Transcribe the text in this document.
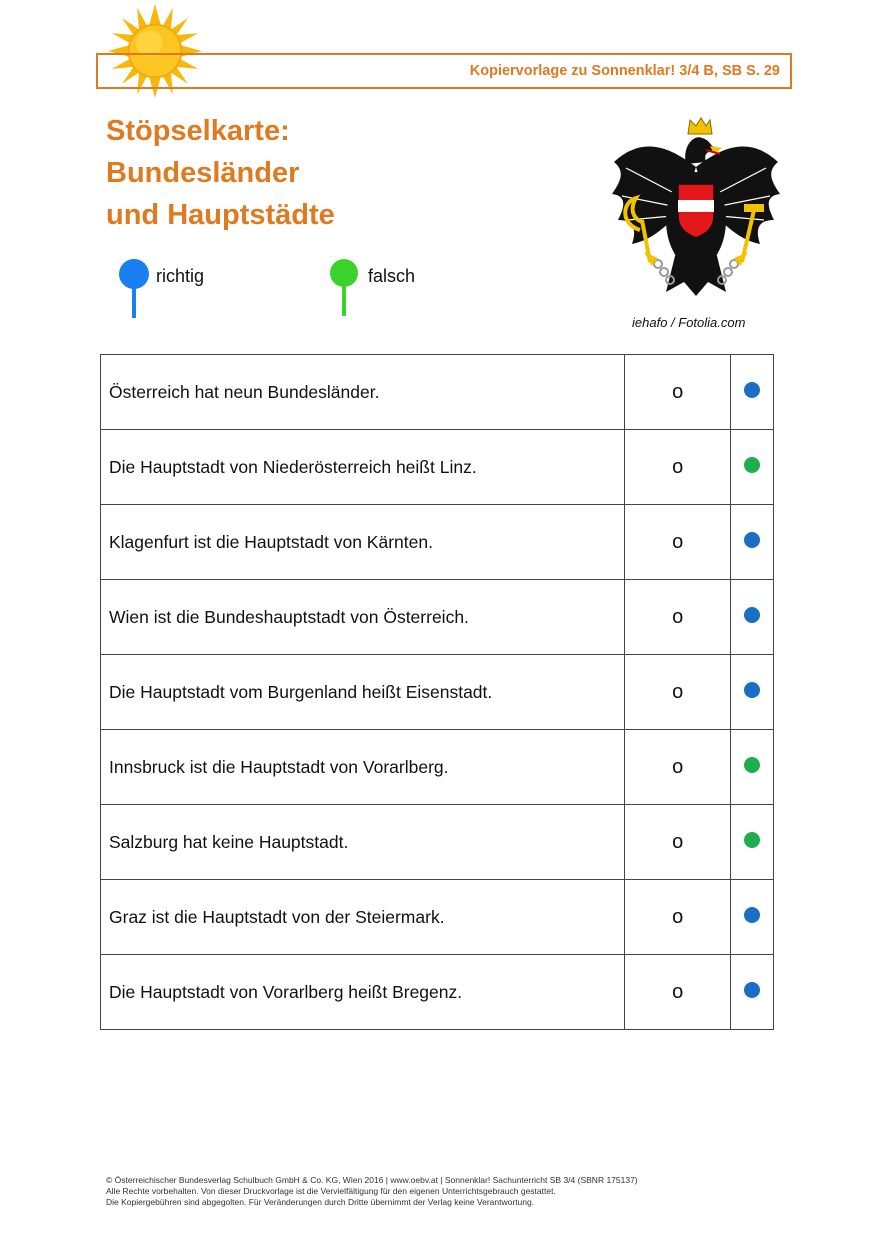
Kopiervorlage zu Sonnenklar! 3/4 B, SB S. 29
Stöpselkarte:
Bundesländer
und Hauptstädte
richtig	falsch
iehafo / Fotolia.com
Österreich hat neun Bundesländer.	o	
Die Hauptstadt von Niederösterreich heißt Linz.	o	
Klagenfurt ist die Hauptstadt von Kärnten.	o	
Wien ist die Bundeshauptstadt von Österreich.	o	
Die Hauptstadt vom Burgenland heißt Eisenstadt.	o	
Innsbruck ist die Hauptstadt von Vorarlberg.	o	
Salzburg hat keine Hauptstadt.	o	
Graz ist die Hauptstadt von der Steiermark.	o	
Die Hauptstadt von Vorarlberg heißt Bregenz.	o	
© Österreichischer Bundesverlag Schulbuch GmbH & Co. KG, Wien 2016 | www.oebv.at | Sonnenklar! Sachunterricht SB 3/4 (SBNR 175137)
Alle Rechte vorbehalten. Von dieser Druckvorlage ist die Vervielfältigung für den eigenen Unterrichtsgebrauch gestattet.
Die Kopiergebühren sind abgegolten. Für Veränderungen durch Dritte übernimmt der Verlag keine Verantwortung.
